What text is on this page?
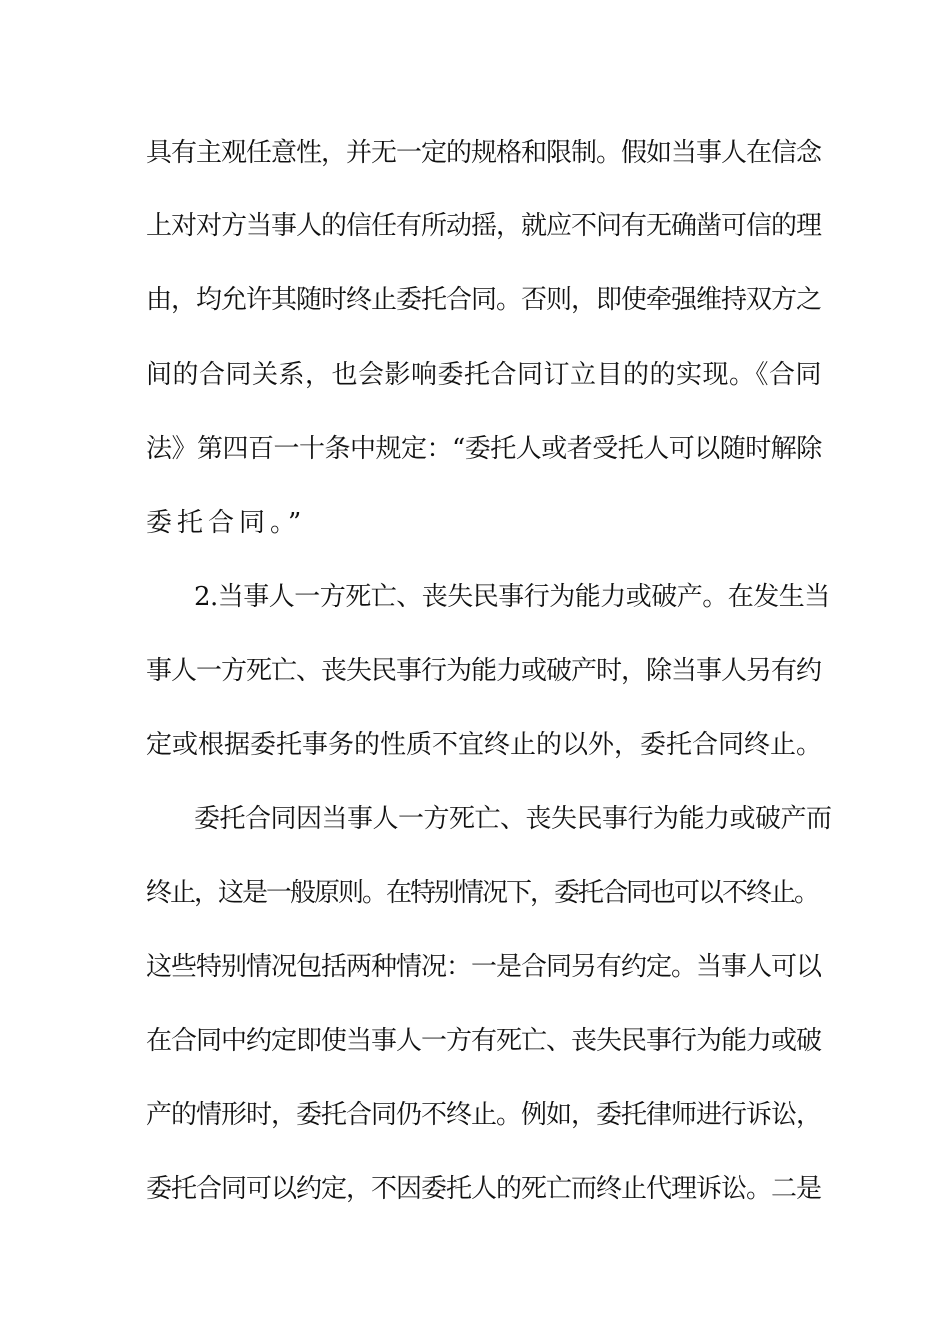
具有主观任意性，并无一定的规格和限制。假如当事人在信念
上对对方当事人的信任有所动摇，就应不问有无确凿可信的理
由，均允许其随时终止委托合同。否则，即使牵强维持双方之
间的合同关系，也会影响委托合同订立目的的实现。《合同
法》第四百一十条中规定：“委托人或者受托人可以随时解除
委托合同。”
2.当事人一方死亡、丧失民事行为能力或破产。在发生当
事人一方死亡、丧失民事行为能力或破产时，除当事人另有约
定或根据委托事务的性质不宜终止的以外，委托合同终止。
委托合同因当事人一方死亡、丧失民事行为能力或破产而
终止，这是一般原则。在特别情况下，委托合同也可以不终止。
这些特别情况包括两种情况：一是合同另有约定。当事人可以
在合同中约定即使当事人一方有死亡、丧失民事行为能力或破
产的情形时，委托合同仍不终止。例如，委托律师进行诉讼，
委托合同可以约定，不因委托人的死亡而终止代理诉讼。二是
